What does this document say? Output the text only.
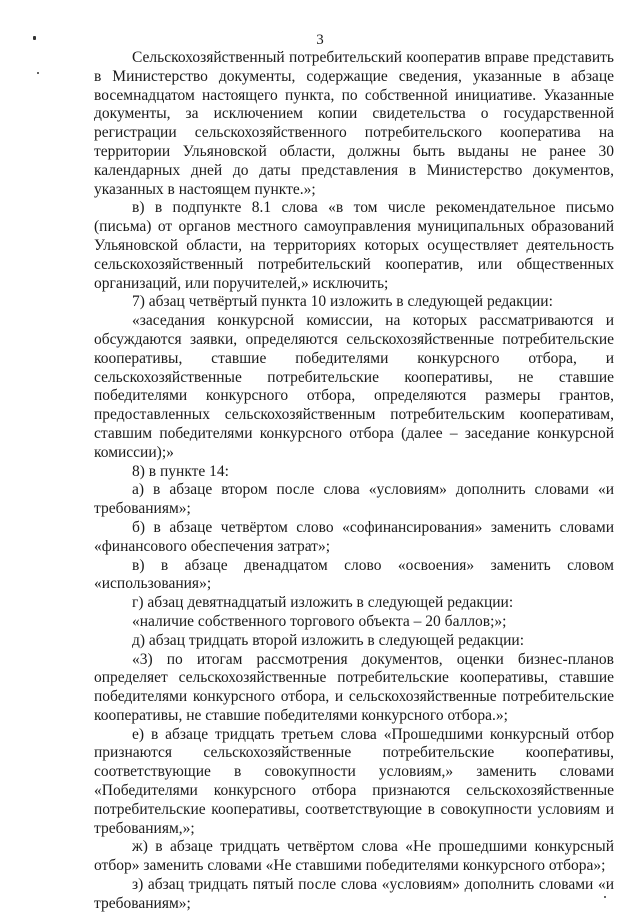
3

Сельскохозяйственный потребительский кооператив вправе представить в Министерство документы, содержащие сведения, указанные в абзаце восемнадцатом настоящего пункта, по собственной инициативе. Указанные документы, за исключением копии свидетельства о государственной регистрации сельскохозяйственного потребительского кооператива на территории Ульяновской области, должны быть выданы не ранее 30 календарных дней до даты представления в Министерство документов, указанных в настоящем пункте.»;

в) в подпункте 8.1 слова «в том числе рекомендательное письмо (письма) от органов местного самоуправления муниципальных образований Ульяновской области, на территориях которых осуществляет деятельность сельскохозяйственный потребительский кооператив, или общественных организаций, или поручителей,» исключить;

7) абзац четвёртый пункта 10 изложить в следующей редакции:

«заседания конкурсной комиссии, на которых рассматриваются и обсуждаются заявки, определяются сельскохозяйственные потребительские кооперативы, ставшие победителями конкурсного отбора, и сельскохозяйственные потребительские кооперативы, не ставшие победителями конкурсного отбора, определяются размеры грантов, предоставленных сельскохозяйственным потребительским кооперативам, ставшим победителями конкурсного отбора (далее – заседание конкурсной комиссии);»

8) в пункте 14:

а) в абзаце втором после слова «условиям» дополнить словами «и требованиям»;

б) в абзаце четвёртом слово «софинансирования» заменить словами «финансового обеспечения затрат»;

в) в абзаце двенадцатом слово «освоения» заменить словом «использования»;

г) абзац девятнадцатый изложить в следующей редакции:

«наличие собственного торгового объекта – 20 баллов;»;

д) абзац тридцать второй изложить в следующей редакции:

«3) по итогам рассмотрения документов, оценки бизнес-планов определяет сельскохозяйственные потребительские кооперативы, ставшие победителями конкурсного отбора, и сельскохозяйственные потребительские кооперативы, не ставшие победителями конкурсного отбора.»;

е) в абзаце тридцать третьем слова «Прошедшими конкурсный отбор признаются сельскохозяйственные потребительские кооперативы, соответствующие в совокупности условиям,» заменить словами «Победителями конкурсного отбора признаются сельскохозяйственные потребительские кооперативы, соответствующие в совокупности условиям и требованиям,»;

ж) в абзаце тридцать четвёртом слова «Не прошедшими конкурсный отбор» заменить словами «Не ставшими победителями конкурсного отбора»;

з) абзац тридцать пятый после слова «условиям» дополнить словами «и требованиям»;
